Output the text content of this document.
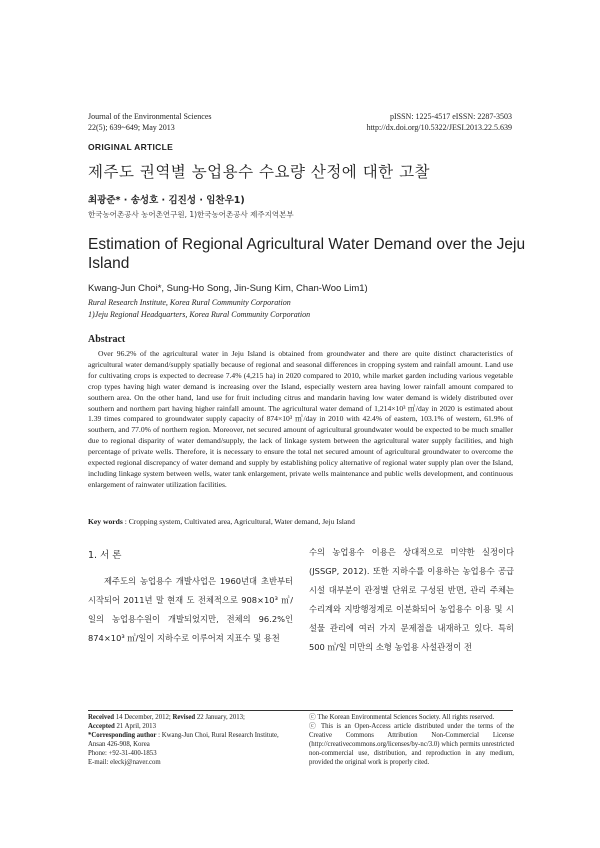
Journal of the Environmental Sciences
22(5); 639~649; May 2013
pISSN: 1225-4517 eISSN: 2287-3503
http://dx.doi.org/10.5322/JESI.2013.22.5.639
ORIGINAL ARTICLE
제주도 권역별 농업용수 수요량 산정에 대한 고찰
최광준* · 송성호 · 김진성 · 임찬우1)
한국농어촌공사 농어촌연구원, 1)한국농어촌공사 제주지역본부
Estimation of Regional Agricultural Water Demand over the Jeju Island
Kwang-Jun Choi*, Sung-Ho Song, Jin-Sung Kim, Chan-Woo Lim1)
Rural Research Institute, Korea Rural Community Corporation
1)Jeju Regional Headquarters, Korea Rural Community Corporation
Abstract
Over 96.2% of the agricultural water in Jeju Island is obtained from groundwater and there are quite distinct characteristics of agricultural water demand/supply spatially because of regional and seasonal differences in cropping system and rainfall amount. Land use for cultivating crops is expected to decrease 7.4% (4,215 ha) in 2020 compared to 2010, while market garden including various vegetable crop types having high water demand is increasing over the Island, especially western area having lower rainfall amount compared to southern area. On the other hand, land use for fruit including citrus and mandarin having low water demand is widely distributed over southern and northern part having higher rainfall amount. The agricultural water demand of 1,214×10³ ㎥/day in 2020 is estimated about 1.39 times compared to groundwater supply capacity of 874×10³ ㎥/day in 2010 with 42.4% of eastern, 103.1% of western, 61.9% of southern, and 77.0% of northern region. Moreover, net secured amount of agricultural groundwater would be expected to be much smaller due to regional disparity of water demand/supply, the lack of linkage system between the agricultural water supply facilities, and high percentage of private wells. Therefore, it is necessary to ensure the total net secured amount of agricultural groundwater to overcome the expected regional discrepancy of water demand and supply by establishing policy alternative of regional water supply plan over the Island, including linkage system between wells, water tank enlargement, private wells maintenance and public wells development, and continuous enlargement of rainwater utilization facilities.
Key words : Cropping system, Cultivated area, Agricultural, Water demand, Jeju Island
1. 서 론
제주도의 농업용수 개발사업은 1960년대 초반부터 시작되어 2011년 말 현재 도 전체적으로 908×10³ ㎥/일의 농업용수원이 개발되었지만, 전체의 96.2%인 874×10³ ㎥/일이 지하수로 이루어져 지표수 및 용천
수의 농업용수 이용은 상대적으로 미약한 실정이다 (JSSGP, 2012). 또한 지하수를 이용하는 농업용수 공급시설 대부분이 관정별 단위로 구성된 반면, 관리 주체는 수리계와 지방행정계로 이분화되어 농업용수 이용 및 시설물 관리에 여러 가지 문제점을 내재하고 있다. 특히 500 ㎥/일 미만의 소형 농업용 사설관정이 전
Received 14 December, 2012; Revised 22 January, 2013;
Accepted 21 April, 2013
*Corresponding author : Kwang-Jun Choi, Rural Research Institute, Ansan 426-908, Korea
Phone: +92-31-400-1853
E-mail: eleckj@naver.com
ⓒ The Korean Environmental Sciences Society. All rights reserved.
ⓒ This is an Open-Access article distributed under the terms of the Creative Commons Attribution Non-Commercial License (http://creativecommons.org/licenses/by-nc/3.0) which permits unrestricted non-commercial use, distribution, and reproduction in any medium, provided the original work is properly cited.
